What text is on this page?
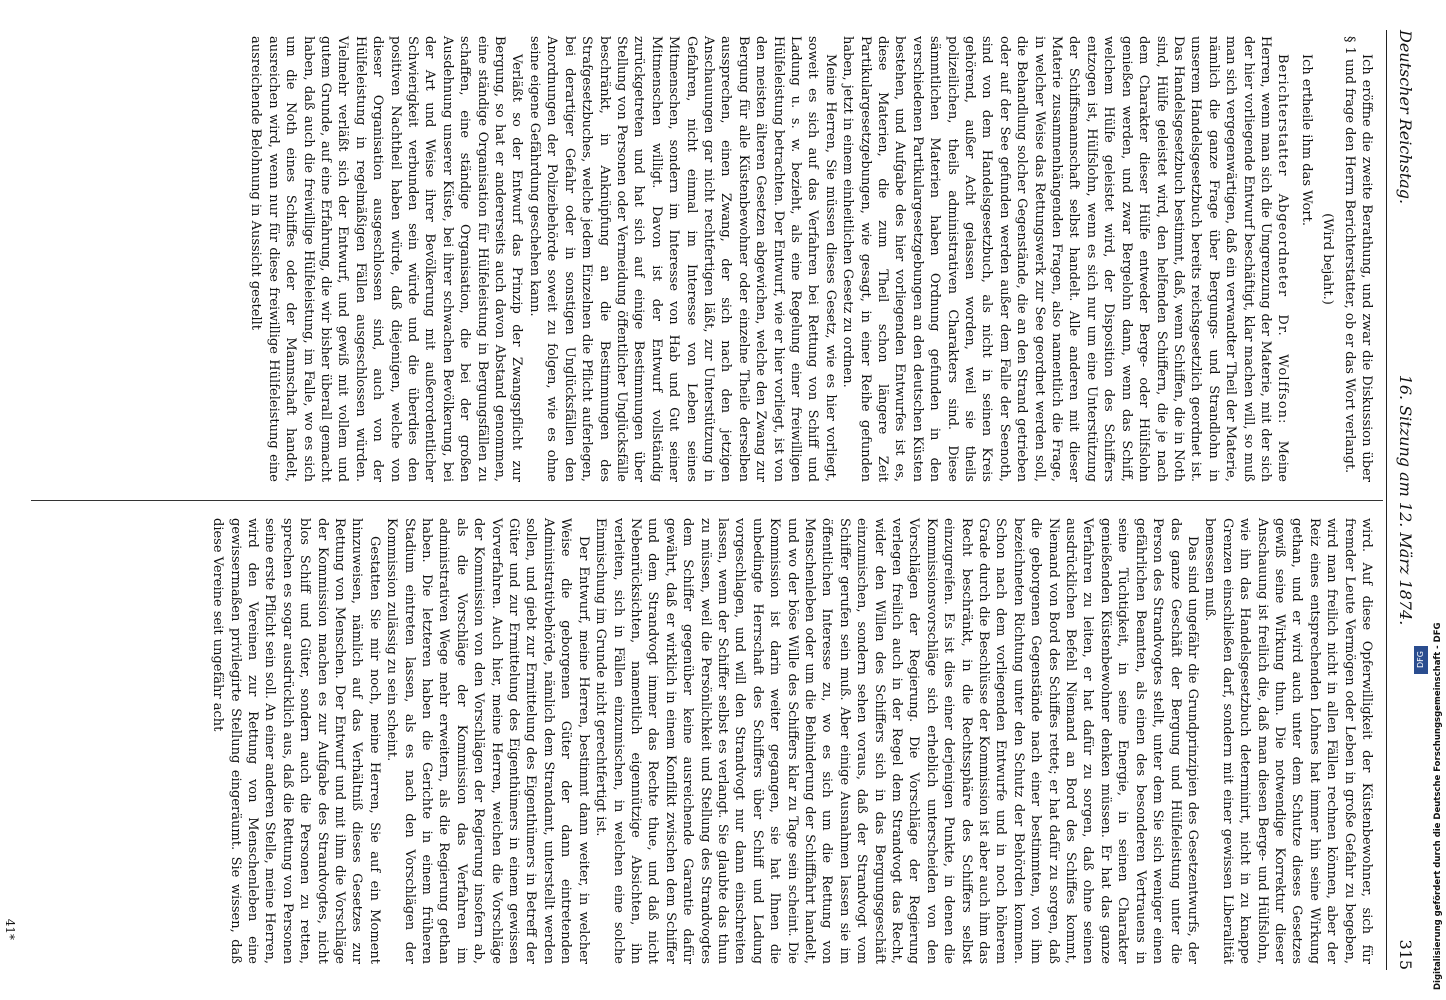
Deutscher Reichstag.
16. Sitzung am 12. März 1874.
315

Ich eröffne die zweite Berathung, und zwar die Diskussion über § 1 und frage den Herrn Berichterstatter, ob er das Wort verlangt.

(Wird bejaht.)

Ich ertheile ihm das Wort.

Berichterstatter Abgeordneter Dr. Wolffson: Meine Herren, wenn man sich die Umgrenzung der Materie, mit der sich der hier vorliegende Entwurf beschäftigt, klar machen will, so muß man sich vergegenwärtigen, daß ein verwandter Theil der Materie, nämlich die ganze Frage über Bergungs- und Strandlohn in unserem Handelsgesetzbuch bereits reichsgesetzlich geordnet ist. Das Handelsgesetzbuch bestimmt, daß, wenn Schiffen, die in Noth sind, Hülfe geleistet wird, den helfenden Schiffern, die je nach dem Charakter dieser Hülfe entweder Berge- oder Hülfslohn genießen werden, und zwar Bergelohn dann, wenn das Schiff, welchem Hülfe geleistet wird, der Disposition des Schiffers entzogen ist, Hülfslohn, wenn es sich nur um eine Unterstützung der Schiffsmannschaft selbst handelt. Alle anderen mit dieser Materie zusammenhängenden Fragen, also namentlich die Frage, in welcher Weise das Rettungswerk zur See geordnet werden soll, die Behandlung solcher Gegenstände, die an den Strand getrieben oder auf der See gefunden werden außer dem Falle der Seenoth, sind von dem Handelsgesetzbuch, als nicht in seinen Kreis gehörend, außer Acht gelassen worden, weil sie theils polizeilichen, theils administrativen Charakters sind. Diese sämmtlichen Materien haben Ordnung gefunden in den verschiedenen Partikulargesetzgebungen an den deutschen Küsten bestehen, und Aufgabe des hier vorliegenden Entwurfes ist es, diese Materien, die zum Theil schon längere Zeit Partikulargesetzgebungen, wie gesagt, in einer Reihe gefunden haben, jetzt in einem einheitlichen Gesetz zu ordnen.

Meine Herren, Sie müssen dieses Gesetz, wie es hier vorliegt, soweit es sich auf das Verfahren bei Rettung von Schiff und Ladung u. s. w. bezieht, als eine Regelung einer freiwilligen Hülfeleistung betrachten. Der Entwurf, wie er hier vorliegt, ist von den meisten älteren Gesetzen abgewichen, welche den Zwang zur Bergung für alle Küstenbewohner oder einzelne Theile derselben aussprechen, einen Zwang, der sich nach den jetzigen Anschauungen gar nicht rechtfertigen läßt, zur Unterstützung in Gefahren, nicht einmal im Interesse von Leben seines Mitmenschen, sondern im Interesse von Hab und Gut seiner Mitmenschen willigt. Davon ist der Entwurf vollständig zurückgetreten und hat sich auf einige Bestimmungen über Stellung von Personen oder Vermeidung öffentlicher Unglücksfälle beschränkt, in Anknüpfung an die Bestimmungen des Strafgesetzbuches, welche jedem Einzelnen die Pflicht auferlegen, bei derartiger Gefahr oder in sonstigen Unglücksfällen den Anordnungen der Polizeibehörde soweit zu folgen, wie es ohne seine eigene Gefährdung geschehen kann.

Verläßt so der Entwurf das Prinzip der Zwangspflicht zur Bergung, so hat er andererseits auch davon Abstand genommen, eine ständige Organisation für Hülfeleistung in Bergungsfällen zu schaffen, eine ständige Organisation, die bei der großen Ausdehnung unserer Küste, bei ihrer schwachen Bevölkerung, bei der Art und Weise ihrer Bevölkerung mit außerordentlicher Schwierigkeit verbunden sein würde und die überdies den positiven Nachtheil haben würde, daß diejenigen, welche von dieser Organisation ausgeschlossen sind, auch von der Hülfeleistung in regelmäßigen Fällen ausgeschlossen würden. Vielmehr verläßt sich der Entwurf, und gewiß mit vollem und gutem Grunde, auf eine Erfahrung, die wir bisher überall gemacht haben, daß auch die freiwillige Hülfeleistung, im Falle, wo es sich um die Noth eines Schiffes oder der Mannschaft handelt, ausreichen wird, wenn nur für diese freiwillige Hülfeleistung eine ausreichende Belohnung in Aussicht gestellt

wird. Auf diese Opferwilligkeit der Küstenbewohner, sich für fremder Leute Vermögen oder Leben in große Gefahr zu begeben, wird man freilich nicht in allen Fällen rechnen können, aber der Reiz eines entsprechenden Lohnes hat immer hin seine Wirkung gethan, und er wird auch unter dem Schutze dieses Gesetzes gewiß seine Wirkung thun. Die notwendige Korrektur dieser Anschauung ist freilich die, daß man diesen Berge- und Hülfslohn, wie ihn das Handelsgesetzbuch determinirt, nicht in zu knappe Grenzen einschließen darf, sondern mit einer gewissen Liberalität bemessen muß.

Das sind ungefähr die Grundprinzipien des Gesetzentwurfs, der das ganze Geschäft der Bergung und Hülfeleistung unter die Person des Strandvogtes stellt, unter dem Sie sich weniger einen gefährlichen Beamten, als einen des besonderen Vertrauens in seine Tüchtigkeit, in seine Energie, in seinen Charakter genießenden Küstenbewohner denken müssen. Er hat das ganze Verfahren zu leiten, er hat dafür zu sorgen, daß ohne seinen ausdrücklichen Befehl Niemand an Bord des Schiffes kommt, Niemand von Bord des Schiffes rettet; er hat dafür zu sorgen, daß die geborgenen Gegenstände nach einer bestimmten, von ihm bezeichneten Richtung unter den Schutz der Behörden kommen. Schon nach dem vorliegenden Entwurfe und in noch höherem Grade durch die Beschlüsse der Kommission ist aber auch ihm das Recht beschränkt, in die Rechtssphäre des Schiffers selbst einzugreifen. Es ist dies einer derjenigen Punkte, in denen die Kommissionsvorschläge sich erheblich unterscheiden von den Vorschlägen der Regierung. Die Vorschläge der Regierung verlegen freilich auch in der Regel dem Strandvogt das Recht, wider den Willen des Schiffers sich in das Bergungsgeschäft einzumischen, sondern sehen voraus, daß der Strandvogt vom Schiffer gerufen sein muß. Aber einige Ausnahmen lassen sie im öffentlichen Interesse zu, wo es sich um die Rettung von Menschenleben oder um die Behinderung der Schifffahrt handelt, und wo der böse Wille des Schiffers klar zu Tage sein scheint. Die Kommission ist darin weiter gegangen, sie hat Ihnen die unbedingte Herrschaft des Schiffers über Schiff und Ladung vorgeschlagen, und will den Strandvogt nur dann einschreiten lassen, wenn der Schiffer selbst es verlangt. Sie glaubte das thun zu müssen, weil die Persönlichkeit und Stellung des Strandvogtes dem Schiffer gegenüber keine ausreichende Garantie dafür gewährt, daß er wirklich in einem Konflikt zwischen dem Schiffer und dem Strandvogt immer das Rechte thue, und daß nicht Nebenrücksichten, namentlich eigennützige Absichten, ihn verleiten, sich in Fällen einzumischen, in welchen eine solche Einmischung im Grunde nicht gerechtfertigt ist.

Der Entwurf, meine Herren, bestimmt dann weiter, in welcher Weise die geborgenen Güter der dann eintretenden Administrativbehörde, nämlich dem Strandamt, unterstellt werden sollen, und giebt zur Ermittelung des Eigenthümers in Betreff der Güter und zur Ermittelung des Eigenthümers in einem gewissen Vorverfahren. Auch hier, meine Herren, weichen die Vorschläge der Kommission von den Vorschlägen der Regierung insofern ab, als die Vorschläge der Kommission das Verfahren im administrativen Wege mehr erweitern, als die Regierung gethan haben. Die letzteren haben die Gerichte in einem früheren Stadium eintreten lassen, als es nach den Vorschlägen der Kommission zulässig zu sein scheint.

Gestatten Sie mir noch, meine Herren, Sie auf ein Moment hinzuweisen, nämlich auf das Verhältniß dieses Gesetzes zur Rettung von Menschen. Der Entwurf und mit ihm die Vorschläge der Kommission machen es zur Aufgabe des Strandvogtes, nicht blos Schiff und Güter, sondern auch die Personen zu retten, sprechen es sogar ausdrücklich aus, daß die Rettung von Personen seine erste Pflicht sein soll. An einer anderen Stelle, meine Herren, wird den Vereinen zur Rettung von Menschenleben eine gewissermaßen privilegirte Stellung eingeräumt. Sie wissen, daß diese Vereine seit ungefähr acht

41*	Digitalisierung gefördert durch die Deutsche Forschungsgemeinschaft - DFG
DFG
